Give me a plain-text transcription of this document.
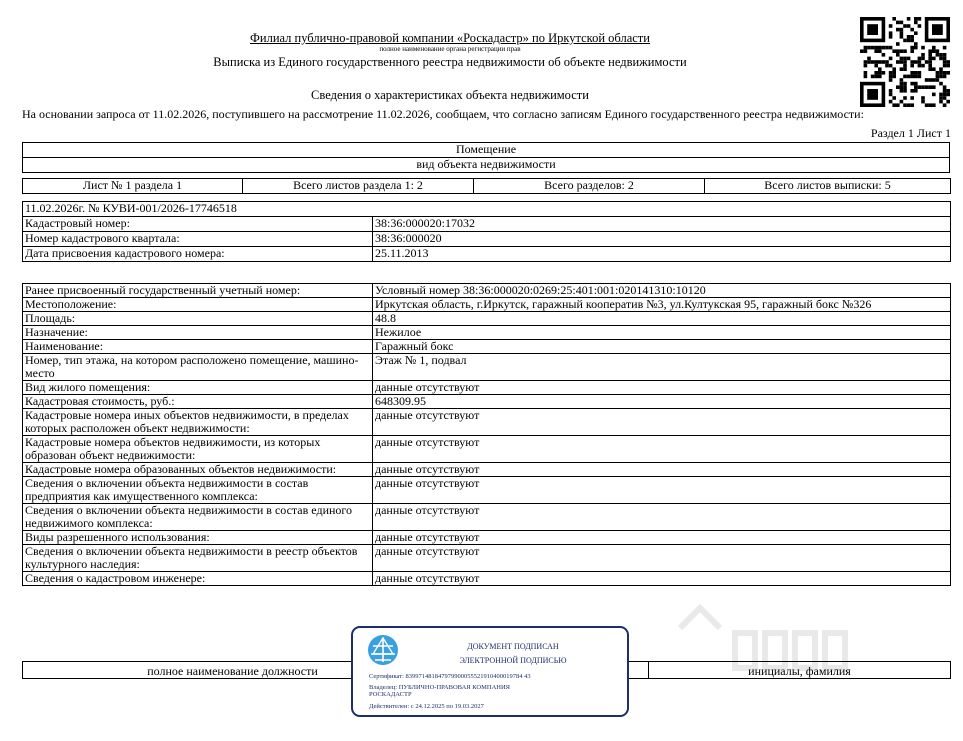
Филиал публично-правовой компании «Роскадастр» по Иркутской области
полное наименование органа регистрации прав
Выписка из Единого государственного реестра недвижимости об объекте недвижимости
Сведения о характеристиках объекта недвижимости
На основании запроса от 11.02.2026, поступившего на рассмотрение 11.02.2026, сообщаем, что согласно записям Единого государственного реестра недвижимости:
Раздел 1 Лист 1
Помещение
вид объекта недвижимости
Лист № 1 раздела 1	Всего листов раздела 1: 2	Всего разделов: 2	Всего листов выписки: 5
11.02.2026г. № КУВИ-001/2026-17746518	
Кадастровый номер:	38:36:000020:17032
Номер кадастрового квартала:	38:36:000020
Дата присвоения кадастрового номера:	25.11.2013
Ранее присвоенный государственный учетный номер:	Условный номер 38:36:000020:0269:25:401:001:020141310:10120
Местоположение:	Иркутская область, г.Иркутск, гаражный кооператив №3, ул.Култукская 95, гаражный бокс №326
Площадь:	48.8
Назначение:	Нежилое
Наименование:	Гаражный бокс
Номер, тип этажа, на котором расположено помещение, машино-место	Этаж № 1, подвал
Вид жилого помещения:	данные отсутствуют
Кадастровая стоимость, руб.:	648309.95
Кадастровые номера иных объектов недвижимости, в пределах которых расположен объект недвижимости:	данные отсутствуют
Кадастровые номера объектов недвижимости, из которых образован объект недвижимости:	данные отсутствуют
Кадастровые номера образованных объектов недвижимости:	данные отсутствуют
Сведения о включении объекта недвижимости в состав предприятия как имущественного комплекса:	данные отсутствуют
Сведения о включении объекта недвижимости в состав единого недвижимого комплекса:	данные отсутствуют
Виды разрешенного использования:	данные отсутствуют
Сведения о включении объекта недвижимости в реестр объектов культурного наследия:	данные отсутствуют
Сведения о кадастровом инженере:	данные отсутствуют
полное наименование должности		инициалы, фамилия
ДОКУМЕНТ ПОДПИСАН
ЭЛЕКТРОННОЙ ПОДПИСЬЮ
Сертификат: 839971481847979900055521910400019784 43
Владелец: ПУБЛИЧНО-ПРАВОВАЯ КОМПАНИЯ
РОСКАДАСТР
Действителен: с 24.12.2025 по 19.03.2027
